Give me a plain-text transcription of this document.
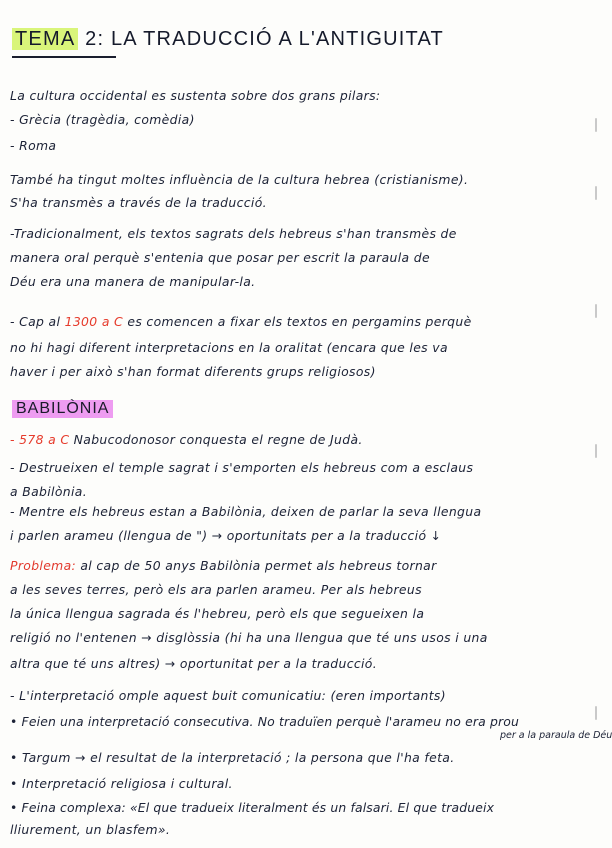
TEMA 2: LA TRADUCCIÓ A L'ANTIGUITAT
La cultura occidental es sustenta sobre dos grans pilars:
- Grècia (tragèdia, comèdia)
- Roma
També ha tingut moltes influència de la cultura hebrea (cristianisme).
S'ha transmès a través de la traducció.
-Tradicionalment, els textos sagrats dels hebreus s'han transmès de
manera oral perquè s'entenia que posar per escrit la paraula de
Déu era una manera de manipular-la.
- Cap al 1300 a C es comencen a fixar els textos en pergamins perquè
no hi hagi diferent interpretacions en la oralitat (encara que les va
haver i per això s'han format diferents grups religiosos)
BABILÒNIA
- 578 a C Nabucodonosor conquesta el regne de Judà.
- Destrueixen el temple sagrat i s'emporten els hebreus com a esclaus
a Babilònia.
- Mentre els hebreus estan a Babilònia, deixen de parlar la seva llengua
i parlen arameu (llengua de ") → oportunitats per a la traducció ↓
Problema: al cap de 50 anys Babilònia permet als hebreus tornar
a les seves terres, però els ara parlen arameu. Per als hebreus
la única llengua sagrada és l'hebreu, però els que segueixen la
religió no l'entenen → disglòssia (hi ha una llengua que té uns usos i una
altra que té uns altres) → oportunitat per a la traducció.
- L'interpretació omple aquest buit comunicatiu: (eren importants)
• Feien una interpretació consecutiva. No traduïen perquè l'arameu no era prou
per a la paraula de Déu
• Targum → el resultat de la interpretació ; la persona que l'ha feta.
• Interpretació religiosa i cultural.
• Feina complexa: «El que tradueix literalment és un falsari. El que tradueix
lliurement, un blasfem».
